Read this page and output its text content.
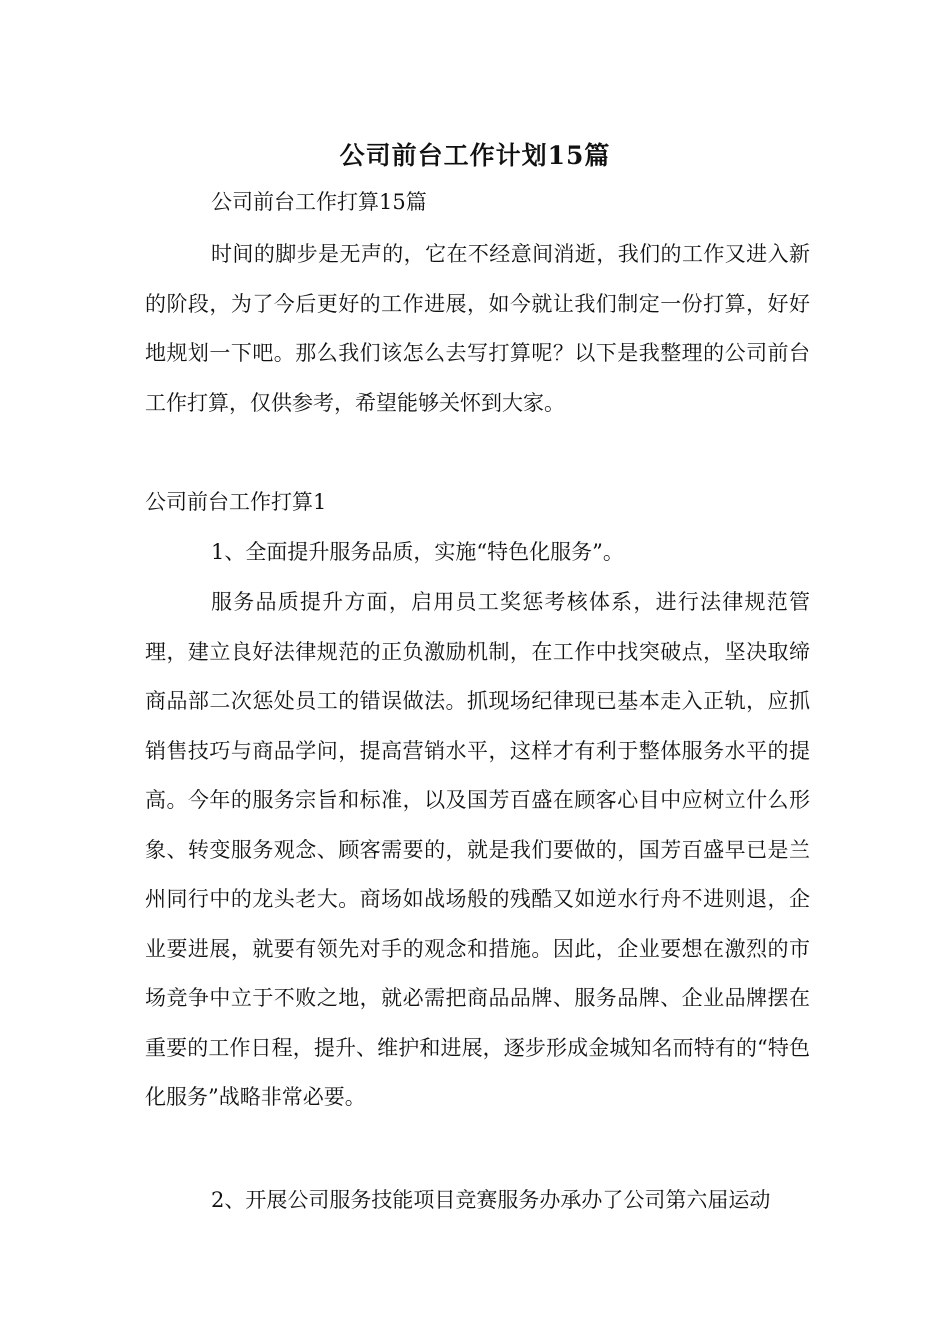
公司前台工作计划15篇
公司前台工作打算15篇

时间的脚步是无声的，它在不经意间消逝，我们的工作又进入新的阶段，为了今后更好的工作进展，如今就让我们制定一份打算，好好地规划一下吧。那么我们该怎么去写打算呢？以下是我整理的公司前台工作打算，仅供参考，希望能够关怀到大家。

公司前台工作打算1
1、全面提升服务品质，实施“特色化服务”。

服务品质提升方面，启用员工奖惩考核体系，进行法律规范管理，建立良好法律规范的正负激励机制，在工作中找突破点，坚决取缔商品部二次惩处员工的错误做法。抓现场纪律现已基本走入正轨，应抓销售技巧与商品学问，提高营销水平，这样才有利于整体服务水平的提高。今年的服务宗旨和标准，以及国芳百盛在顾客心目中应树立什么形象、转变服务观念、顾客需要的，就是我们要做的，国芳百盛早已是兰州同行中的龙头老大。商场如战场般的残酷又如逆水行舟不进则退，企业要进展，就要有领先对手的观念和措施。因此，企业要想在激烈的市场竞争中立于不败之地，就必需把商品品牌、服务品牌、企业品牌摆在重要的工作日程，提升、维护和进展，逐步形成金城知名而特有的“特色化服务”战略非常必要。

2、开展公司服务技能项目竞赛服务办承办了公司第六届运动
